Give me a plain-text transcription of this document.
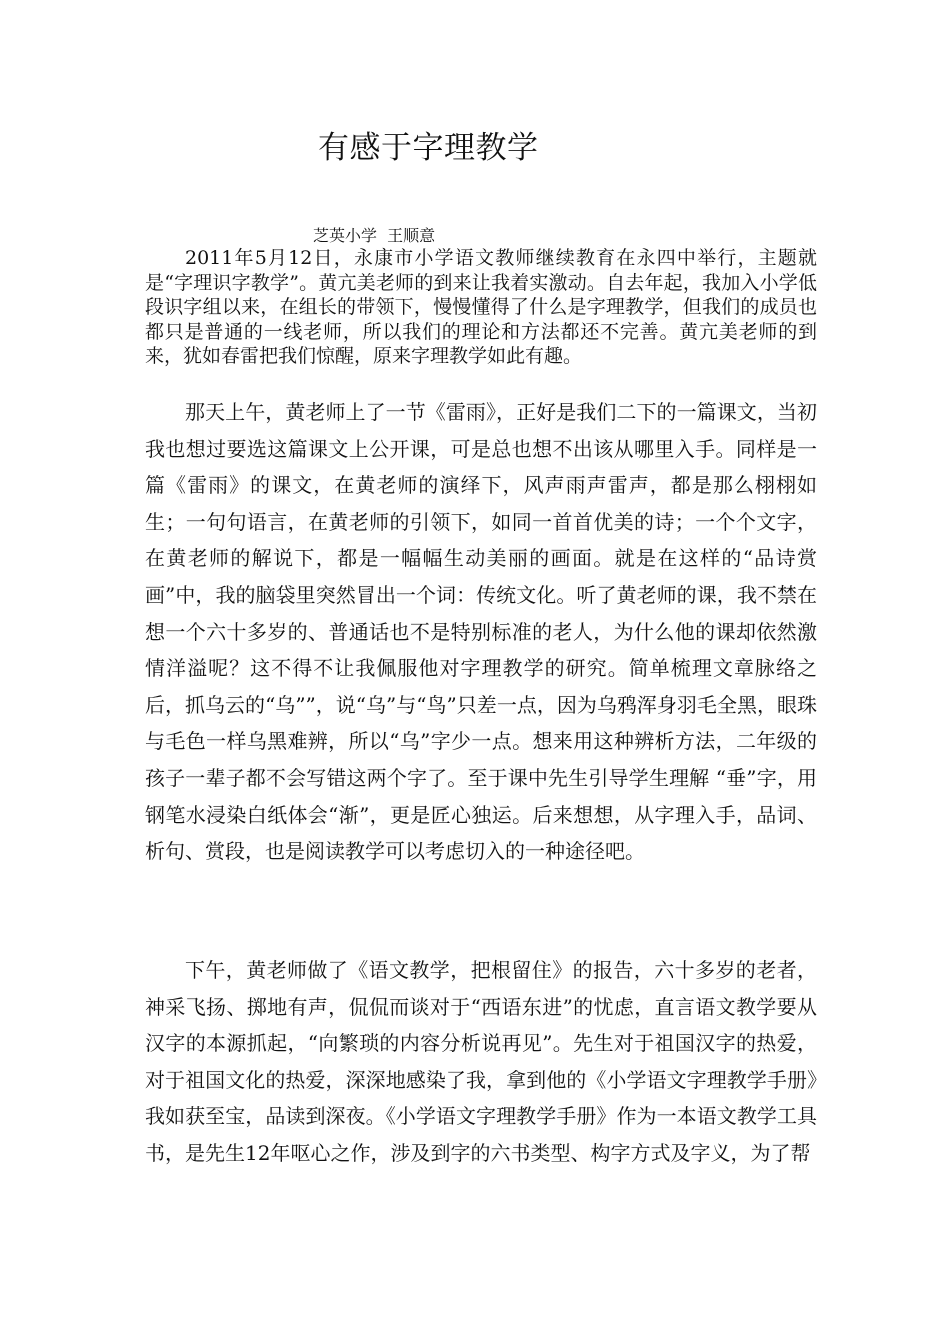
有感于字理教学
芝英小学  王顺意

2011年5月12日，永康市小学语文教师继续教育在永四中举行，主题就是“字理识字教学”。黄亢美老师的到来让我着实激动。自去年起，我加入小学低段识字组以来，在组长的带领下，慢慢懂得了什么是字理教学，但我们的成员也都只是普通的一线老师，所以我们的理论和方法都还不完善。黄亢美老师的到来，犹如春雷把我们惊醒，原来字理教学如此有趣。

那天上午，黄老师上了一节《雷雨》，正好是我们二下的一篇课文，当初我也想过要选这篇课文上公开课，可是总也想不出该从哪里入手。同样是一篇《雷雨》的课文，在黄老师的演绎下，风声雨声雷声，都是那么栩栩如生；一句句语言，在黄老师的引领下，如同一首首优美的诗；一个个文字，在黄老师的解说下，都是一幅幅生动美丽的画面。就是在这样的“品诗赏画”中，我的脑袋里突然冒出一个词：传统文化。听了黄老师的课，我不禁在想一个六十多岁的、普通话也不是特别标准的老人，为什么他的课却依然激情洋溢呢？这不得不让我佩服他对字理教学的研究。简单梳理文章脉络之后，抓乌云的“乌””，说“乌”与“鸟”只差一点，因为乌鸦浑身羽毛全黑，眼珠与毛色一样乌黑难辨，所以“乌”字少一点。想来用这种辨析方法，二年级的孩子一辈子都不会写错这两个字了。至于课中先生引导学生理解 “垂”字，用钢笔水浸染白纸体会“渐”，更是匠心独运。后来想想，从字理入手，品词、析句、赏段，也是阅读教学可以考虑切入的一种途径吧。

下午，黄老师做了《语文教学，把根留住》的报告，六十多岁的老者，神采飞扬、掷地有声，侃侃而谈对于“西语东进”的忧虑，直言语文教学要从汉字的本源抓起，“向繁琐的内容分析说再见”。先生对于祖国汉字的热爱，对于祖国文化的热爱，深深地感染了我，拿到他的《小学语文字理教学手册》我如获至宝，品读到深夜。《小学语文字理教学手册》作为一本语文教学工具书，是先生12年呕心之作，涉及到字的六书类型、构字方式及字义，为了帮
